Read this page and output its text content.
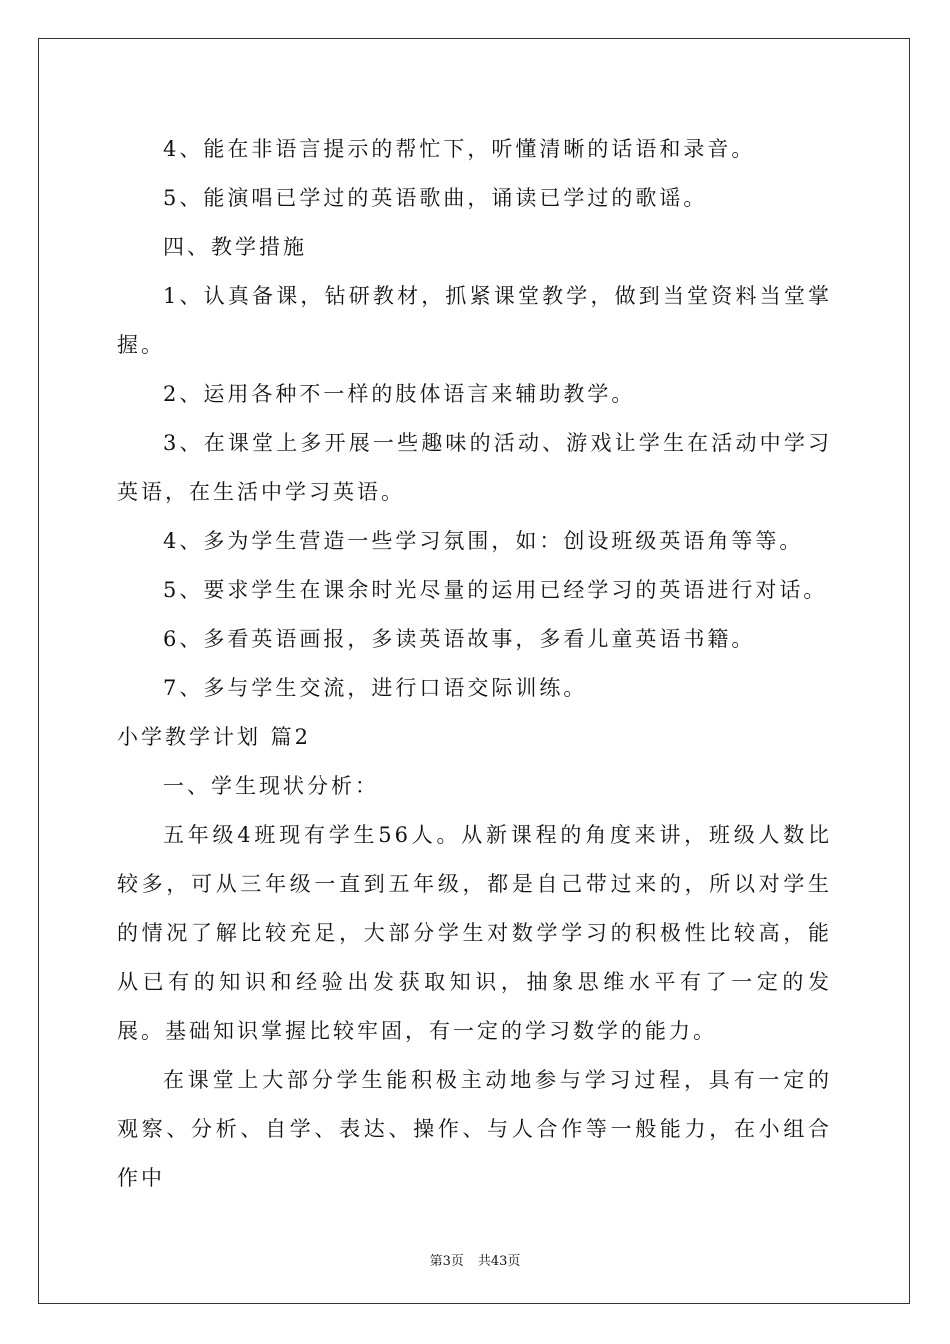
4、能在非语言提示的帮忙下，听懂清晰的话语和录音。

5、能演唱已学过的英语歌曲，诵读已学过的歌谣。

四、教学措施

1、认真备课，钻研教材，抓紧课堂教学，做到当堂资料当堂掌握。

2、运用各种不一样的肢体语言来辅助教学。

3、在课堂上多开展一些趣味的活动、游戏让学生在活动中学习英语，在生活中学习英语。

4、多为学生营造一些学习氛围，如：创设班级英语角等等。

5、要求学生在课余时光尽量的运用已经学习的英语进行对话。

6、多看英语画报，多读英语故事，多看儿童英语书籍。

7、多与学生交流，进行口语交际训练。

小学教学计划 篇2

一、学生现状分析：

五年级4班现有学生56人。从新课程的角度来讲，班级人数比较多，可从三年级一直到五年级，都是自己带过来的，所以对学生的情况了解比较充足，大部分学生对数学学习的积极性比较高，能从已有的知识和经验出发获取知识，抽象思维水平有了一定的发展。基础知识掌握比较牢固，有一定的学习数学的能力。

在课堂上大部分学生能积极主动地参与学习过程，具有一定的观察、分析、自学、表达、操作、与人合作等一般能力，在小组合作中

第3页 共43页
